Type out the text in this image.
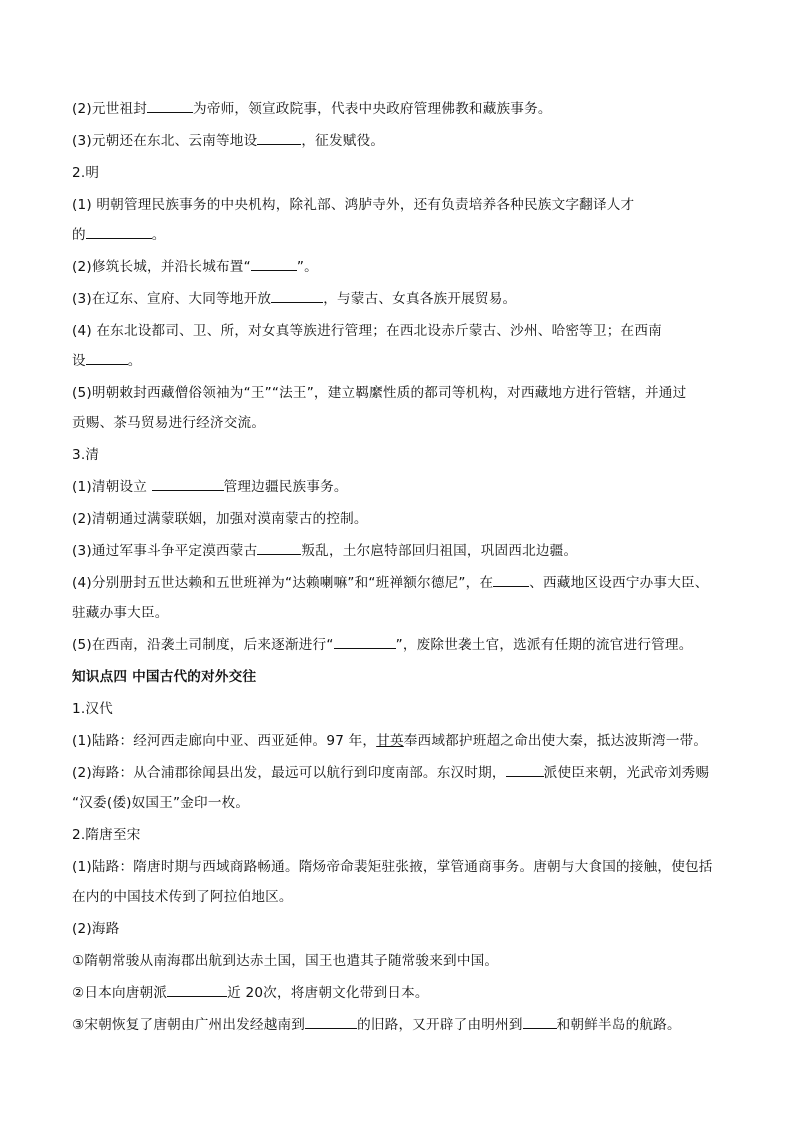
(2)元世祖封	为帝师，领宣政院事，代表中央政府管理佛教和藏族事务。
(3)元朝还在东北、云南等地设	，征发赋役。
2.明
(1) 明朝管理民族事务的中央机构，除礼部、鸿胪寺外，还有负责培养各种民族文字翻译人才
的	。
(2)修筑长城，并沿长城布置“	”。
(3)在辽东、宣府、大同等地开放	，与蒙古、女真各族开展贸易。
(4) 在东北设都司、卫、所，对女真等族进行管理；在西北设赤斤蒙古、沙州、哈密等卫；在西南
设	。
(5)明朝敕封西藏僧俗领袖为“王”“法王”，建立羁縻性质的都司等机构，对西藏地方进行管辖，并通过
贡赐、茶马贸易进行经济交流。
3.清
(1)清朝设立	管理边疆民族事务。
(2)清朝通过满蒙联姻，加强对漠南蒙古的控制。
(3)通过军事斗争平定漠西蒙古	叛乱，土尔扈特部回归祖国，巩固西北边疆。
(4)分别册封五世达赖和五世班禅为“达赖喇嘛”和“班禅额尔德尼”，在	、西藏地区设西宁办事大臣、
驻藏办事大臣。
(5)在西南，沿袭土司制度，后来逐渐进行“	”，废除世袭土官，选派有任期的流官进行管理。
知识点四 中国古代的对外交往
1.汉代
(1)陆路：经河西走廊向中亚、西亚延伸。97 年，甘英奉西域都护班超之命出使大秦，抵达波斯湾一带。
(2)海路：从合浦郡徐闻县出发，最远可以航行到印度南部。东汉时期，	派使臣来朝，光武帝刘秀赐
“汉委(倭)奴国王”金印一枚。
2.隋唐至宋
(1)陆路：隋唐时期与西域商路畅通。隋炀帝命裴矩驻张掖，掌管通商事务。唐朝与大食国的接触，使包括
在内的中国技术传到了阿拉伯地区。
(2)海路
①隋朝常骏从南海郡出航到达赤土国，国王也遣其子随常骏来到中国。
②日本向唐朝派	近 20次，将唐朝文化带到日本。
③宋朝恢复了唐朝由广州出发经越南到	的旧路，又开辟了由明州到	和朝鲜半岛的航路。
